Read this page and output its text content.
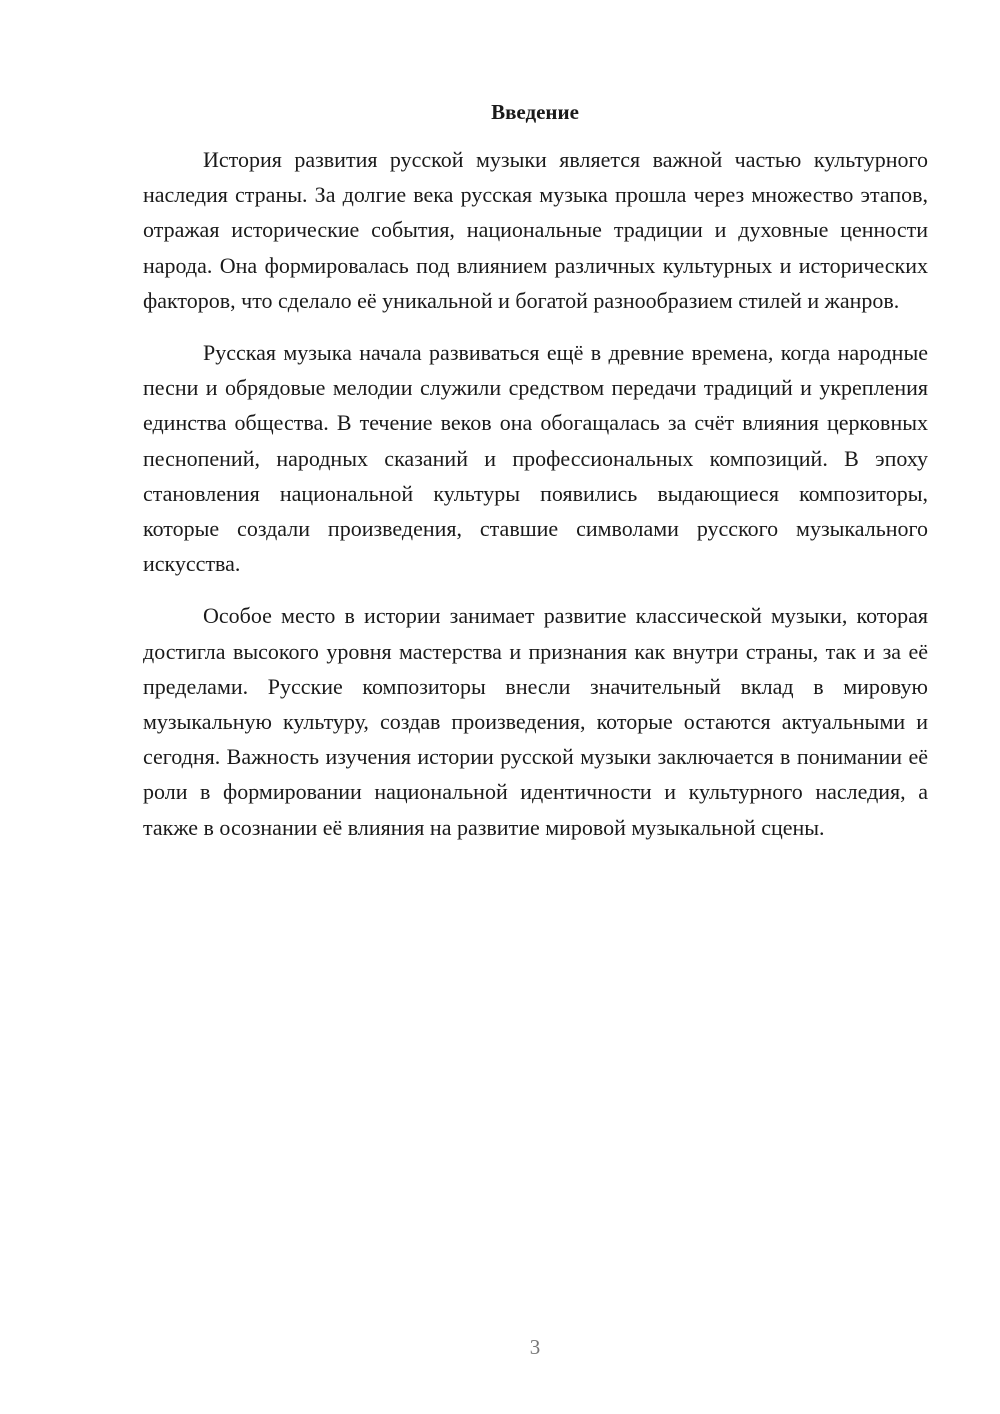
Введение

История развития русской музыки является важной частью культурного наследия страны. За долгие века русская музыка прошла через множество этапов, отражая исторические события, национальные традиции и духовные ценности народа. Она формировалась под влиянием различных культурных и исторических факторов, что сделало её уникальной и богатой разнообразием стилей и жанров.

Русская музыка начала развиваться ещё в древние времена, когда народные песни и обрядовые мелодии служили средством передачи традиций и укрепления единства общества. В течение веков она обогащалась за счёт влияния церковных песнопений, народных сказаний и профессиональных композиций. В эпоху становления национальной культуры появились выдающиеся композиторы, которые создали произведения, ставшие символами русского музыкального искусства.

Особое место в истории занимает развитие классической музыки, которая достигла высокого уровня мастерства и признания как внутри страны, так и за её пределами. Русские композиторы внесли значительный вклад в мировую музыкальную культуру, создав произведения, которые остаются актуальными и сегодня. Важность изучения истории русской музыки заключается в понимании её роли в формировании национальной идентичности и культурного наследия, а также в осознании её влияния на развитие мировой музыкальной сцены.

3
